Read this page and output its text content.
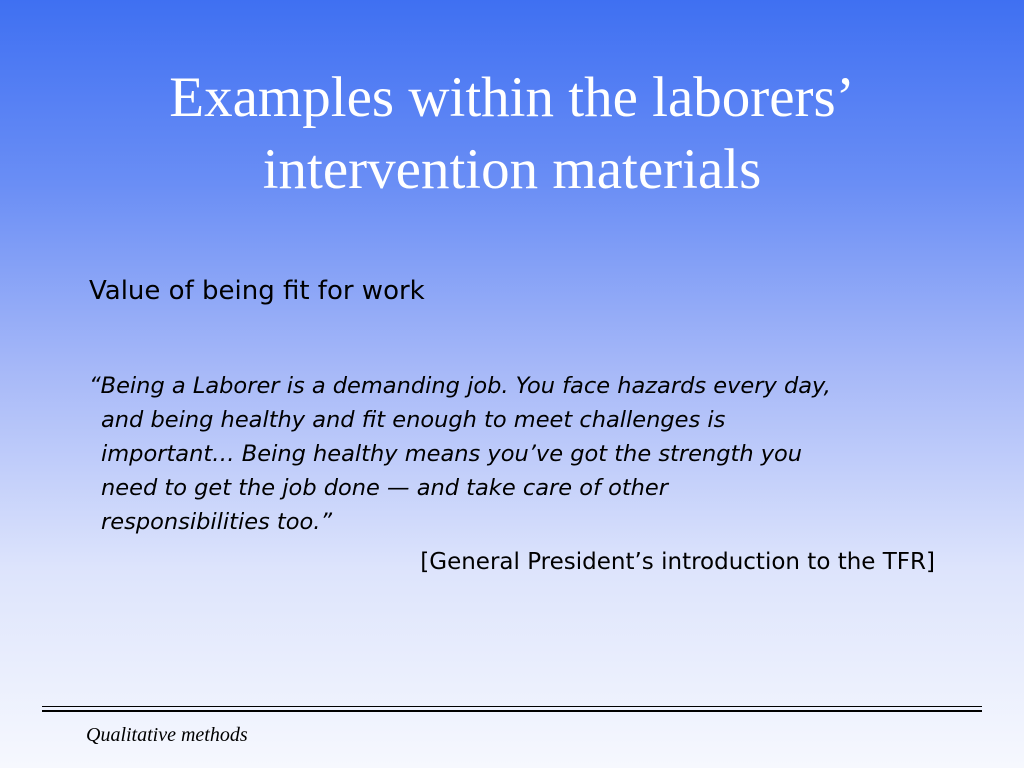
Examples within the laborers’
intervention materials
Value of being fit for work

“Being a Laborer is a demanding job. You face hazards every day,
and being healthy and fit enough to meet challenges is
important… Being healthy means you’ve got the strength you
need to get the job done — and take care of other
responsibilities too.”

[General President’s introduction to the TFR]
Qualitative methods
